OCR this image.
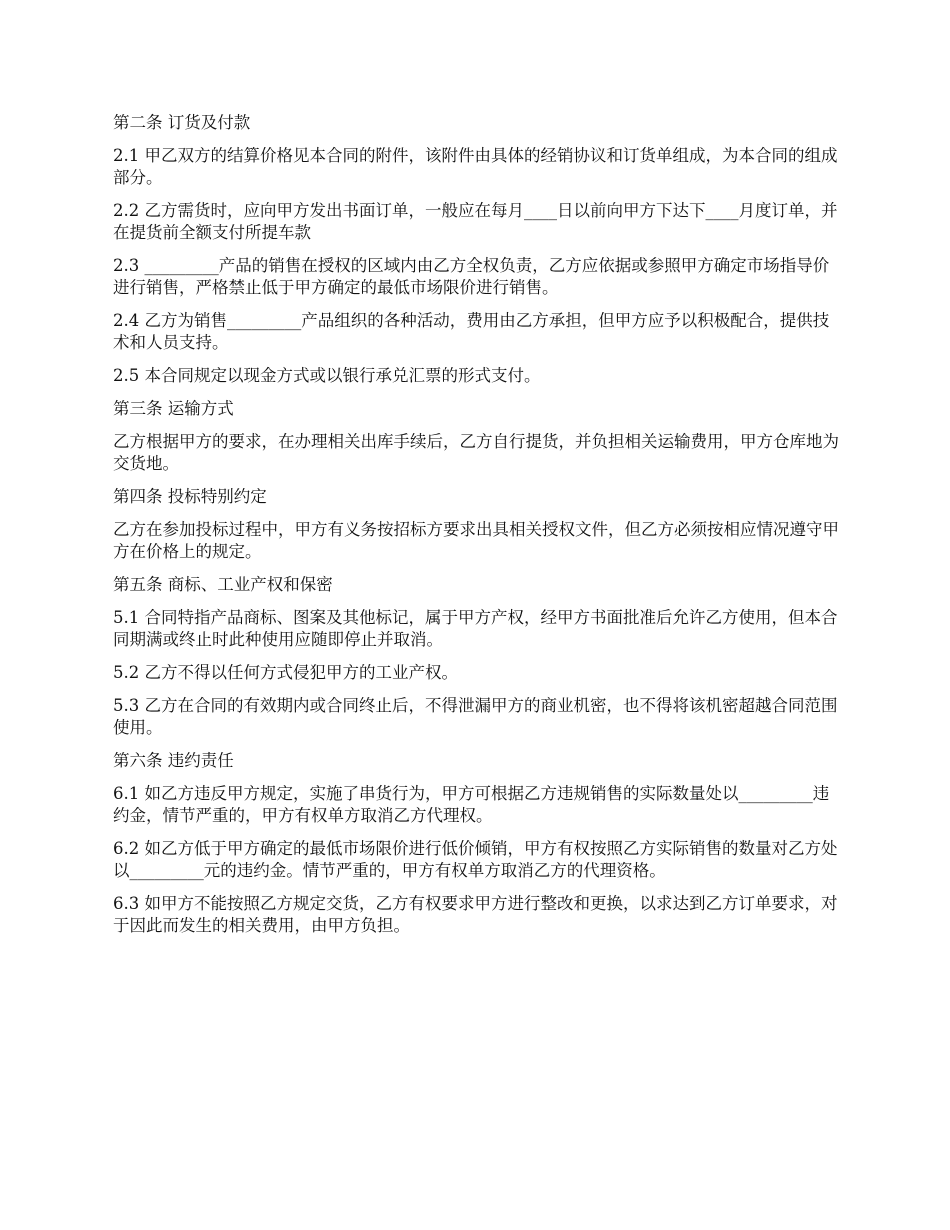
第二条 订货及付款

2.1 甲乙双方的结算价格见本合同的附件，该附件由具体的经销协议和订货单组成，为本合同的组成部分。

2.2 乙方需货时，应向甲方发出书面订单，一般应在每月____日以前向甲方下达下____月度订单，并在提货前全额支付所提车款

2.3 _________产品的销售在授权的区域内由乙方全权负责，乙方应依据或参照甲方确定市场指导价进行销售，严格禁止低于甲方确定的最低市场限价进行销售。

2.4 乙方为销售_________产品组织的各种活动，费用由乙方承担，但甲方应予以积极配合，提供技术和人员支持。

2.5 本合同规定以现金方式或以银行承兑汇票的形式支付。

第三条 运输方式

乙方根据甲方的要求，在办理相关出库手续后，乙方自行提货，并负担相关运输费用，甲方仓库地为交货地。

第四条 投标特别约定

乙方在参加投标过程中，甲方有义务按招标方要求出具相关授权文件，但乙方必须按相应情况遵守甲方在价格上的规定。

第五条 商标、工业产权和保密

5.1 合同特指产品商标、图案及其他标记，属于甲方产权，经甲方书面批准后允许乙方使用，但本合同期满或终止时此种使用应随即停止并取消。

5.2 乙方不得以任何方式侵犯甲方的工业产权。

5.3 乙方在合同的有效期内或合同终止后，不得泄漏甲方的商业机密，也不得将该机密超越合同范围使用。

第六条 违约责任

6.1 如乙方违反甲方规定，实施了串货行为，甲方可根据乙方违规销售的实际数量处以_________违约金，情节严重的，甲方有权单方取消乙方代理权。

6.2 如乙方低于甲方确定的最低市场限价进行低价倾销，甲方有权按照乙方实际销售的数量对乙方处以_________元的违约金。情节严重的，甲方有权单方取消乙方的代理资格。

6.3 如甲方不能按照乙方规定交货，乙方有权要求甲方进行整改和更换，以求达到乙方订单要求，对于因此而发生的相关费用，由甲方负担。
